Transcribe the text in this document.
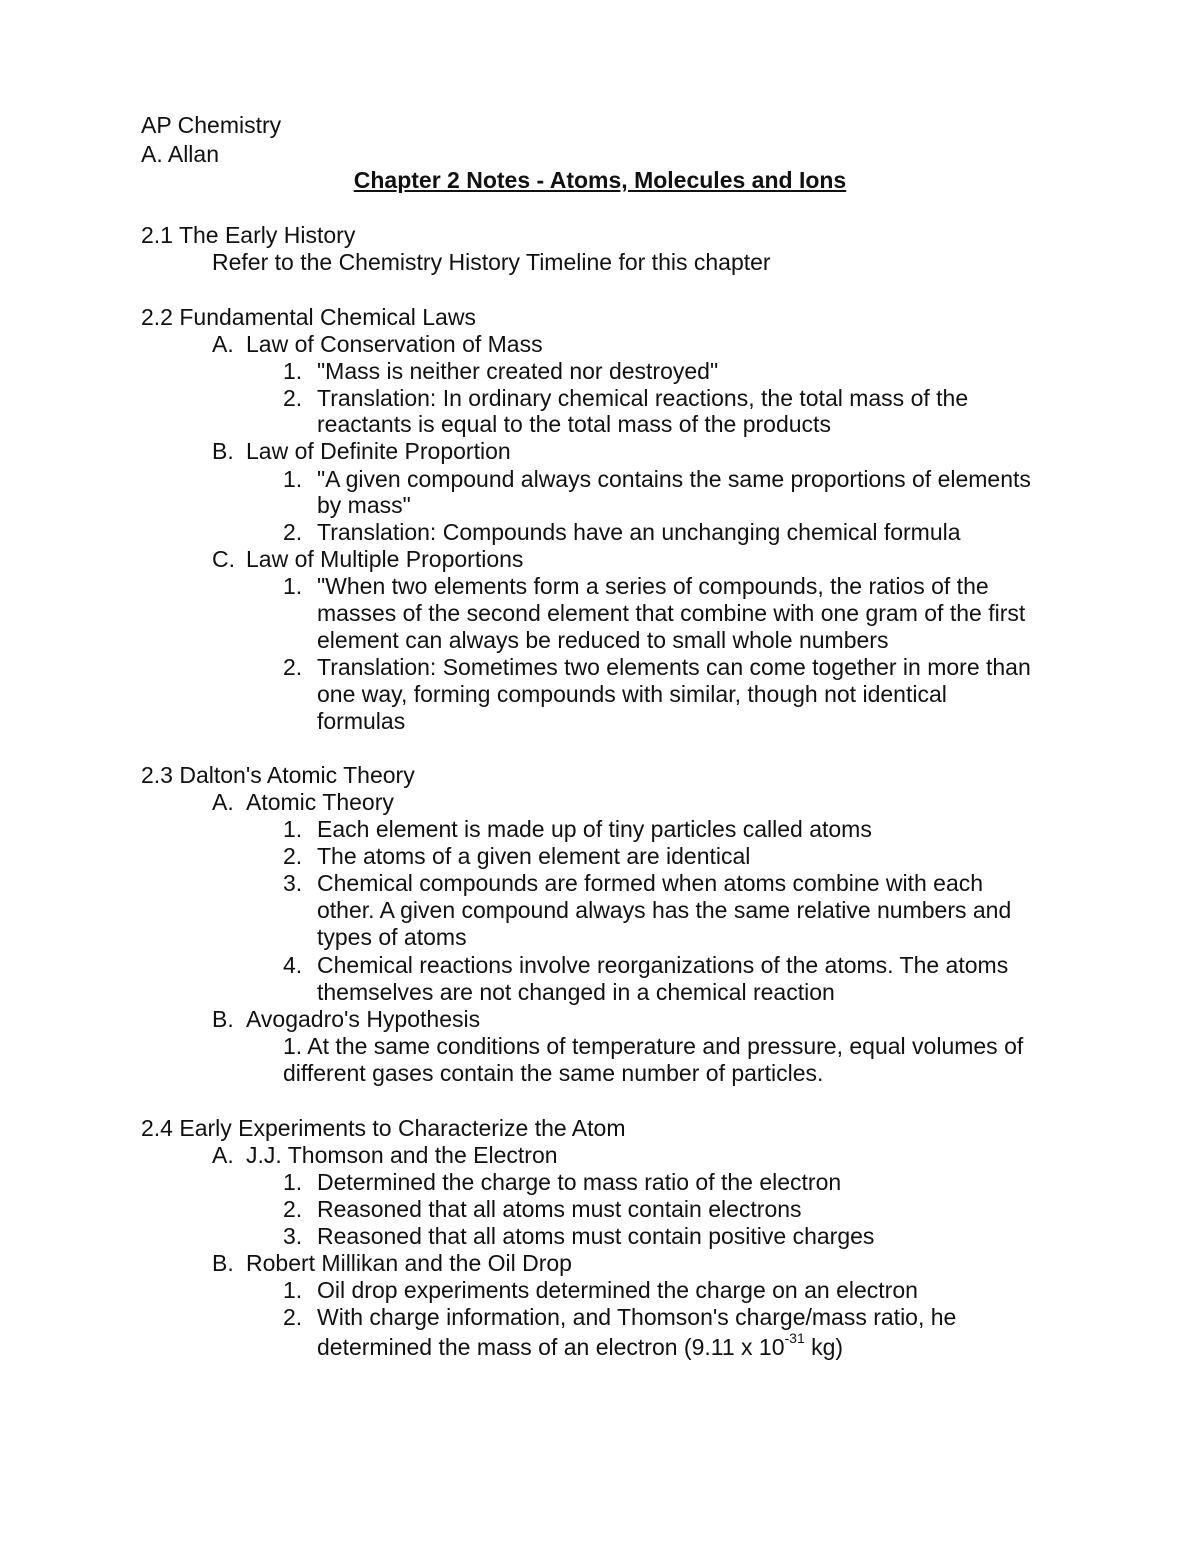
AP Chemistry
A. Allan
Chapter 2 Notes - Atoms, Molecules and Ions
2.1 The Early History
Refer to the Chemistry History Timeline for this chapter
2.2 Fundamental Chemical Laws
A. Law of Conservation of Mass
1. "Mass is neither created nor destroyed"
2. Translation: In ordinary chemical reactions, the total mass of the
reactants is equal to the total mass of the products
B. Law of Definite Proportion
1. "A given compound always contains the same proportions of elements
by mass"
2. Translation: Compounds have an unchanging chemical formula
C. Law of Multiple Proportions
1. "When two elements form a series of compounds, the ratios of the
masses of the second element that combine with one gram of the first
element can always be reduced to small whole numbers
2. Translation: Sometimes two elements can come together in more than
one way, forming compounds with similar, though not identical
formulas
2.3 Dalton's Atomic Theory
A. Atomic Theory
1. Each element is made up of tiny particles called atoms
2. The atoms of a given element are identical
3. Chemical compounds are formed when atoms combine with each
other. A given compound always has the same relative numbers and
types of atoms
4. Chemical reactions involve reorganizations of the atoms. The atoms
themselves are not changed in a chemical reaction
B. Avogadro's Hypothesis
1. At the same conditions of temperature and pressure, equal volumes of
different gases contain the same number of particles.
2.4 Early Experiments to Characterize the Atom
A. J.J. Thomson and the Electron
1. Determined the charge to mass ratio of the electron
2. Reasoned that all atoms must contain electrons
3. Reasoned that all atoms must contain positive charges
B. Robert Millikan and the Oil Drop
1. Oil drop experiments determined the charge on an electron
2. With charge information, and Thomson's charge/mass ratio, he
determined the mass of an electron (9.11 x $10^{-31}$ kg)
